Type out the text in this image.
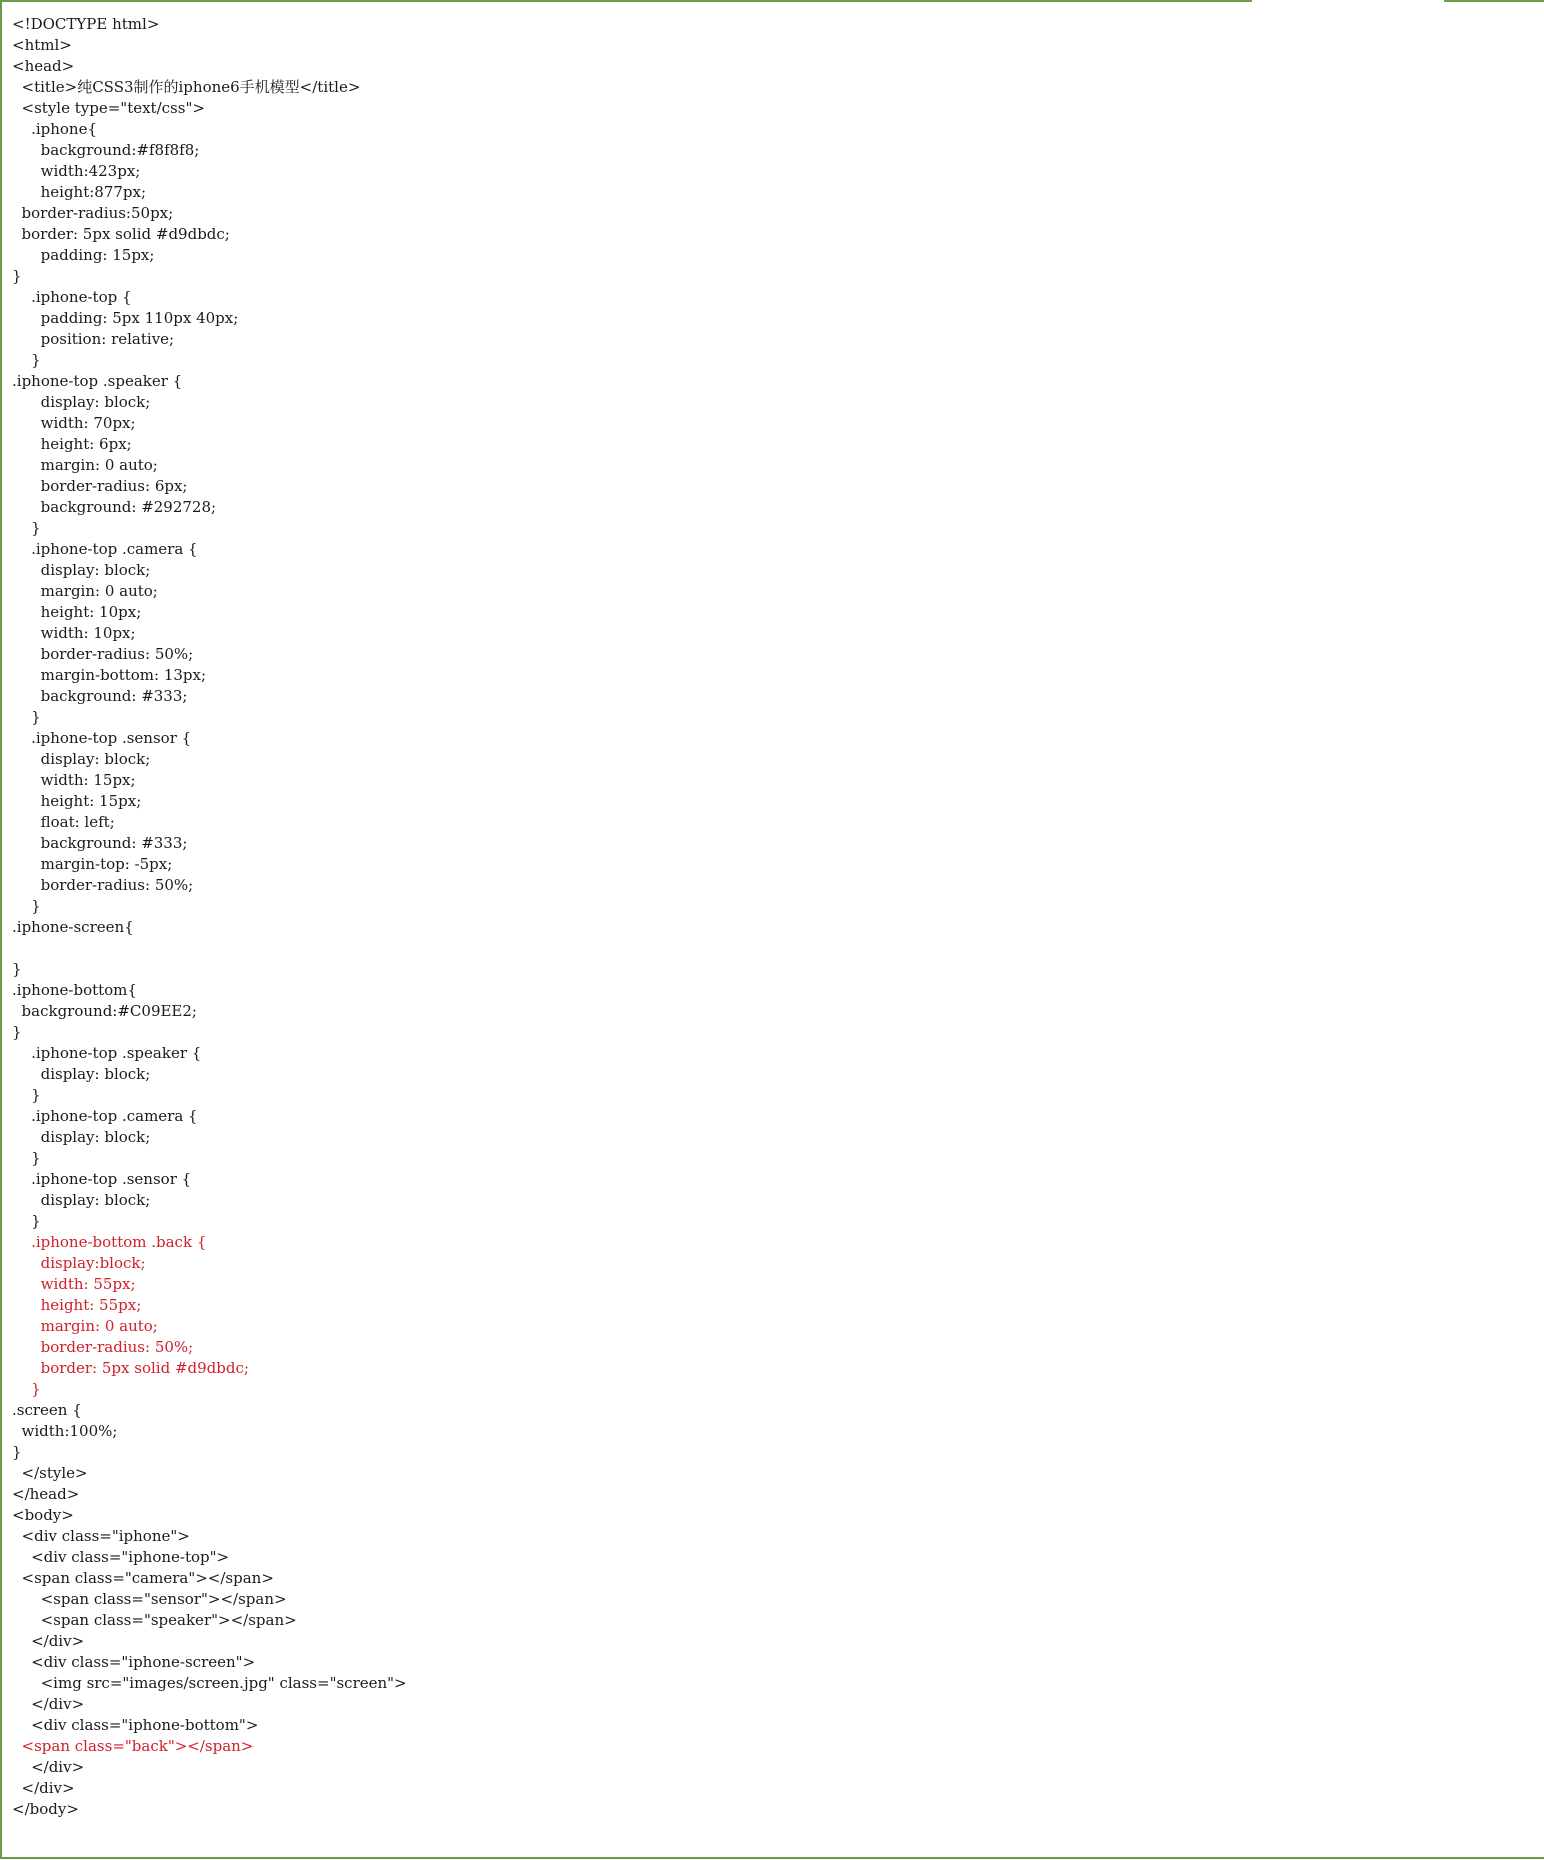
<!DOCTYPE html>
<html>
<head>
<title>纯CSS3制作的iphone6手机模型</title>
<style type="text/css">
.iphone{
background:#f8f8f8;
width:423px;
height:877px;
border-radius:50px;
border: 5px solid #d9dbdc;
padding: 15px;
}
.iphone-top {
padding: 5px 110px 40px;
position: relative;
}
.iphone-top .speaker {
display: block;
width: 70px;
height: 6px;
margin: 0 auto;
border-radius: 6px;
background: #292728;
}
.iphone-top .camera {
display: block;
margin: 0 auto;
height: 10px;
width: 10px;
border-radius: 50%;
margin-bottom: 13px;
background: #333;
}
.iphone-top .sensor {
display: block;
width: 15px;
height: 15px;
float: left;
background: #333;
margin-top: -5px;
border-radius: 50%;
}
.iphone-screen{
}
.iphone-bottom{
background:#C09EE2;
}
.iphone-top .speaker {
display: block;
}
.iphone-top .camera {
display: block;
}
.iphone-top .sensor {
display: block;
}
.iphone-bottom .back {
display:block;
width: 55px;
height: 55px;
margin: 0 auto;
border-radius: 50%;
border: 5px solid #d9dbdc;
}
.screen {
width:100%;
}
</style>
</head>
<body>
<div class="iphone">
<div class="iphone-top">
<span class="camera"></span>
<span class="sensor"></span>
<span class="speaker"></span>
</div>
<div class="iphone-screen">
<img src="images/screen.jpg" class="screen">
</div>
<div class="iphone-bottom">
<span class="back"></span>
</div>
</div>
</body>
